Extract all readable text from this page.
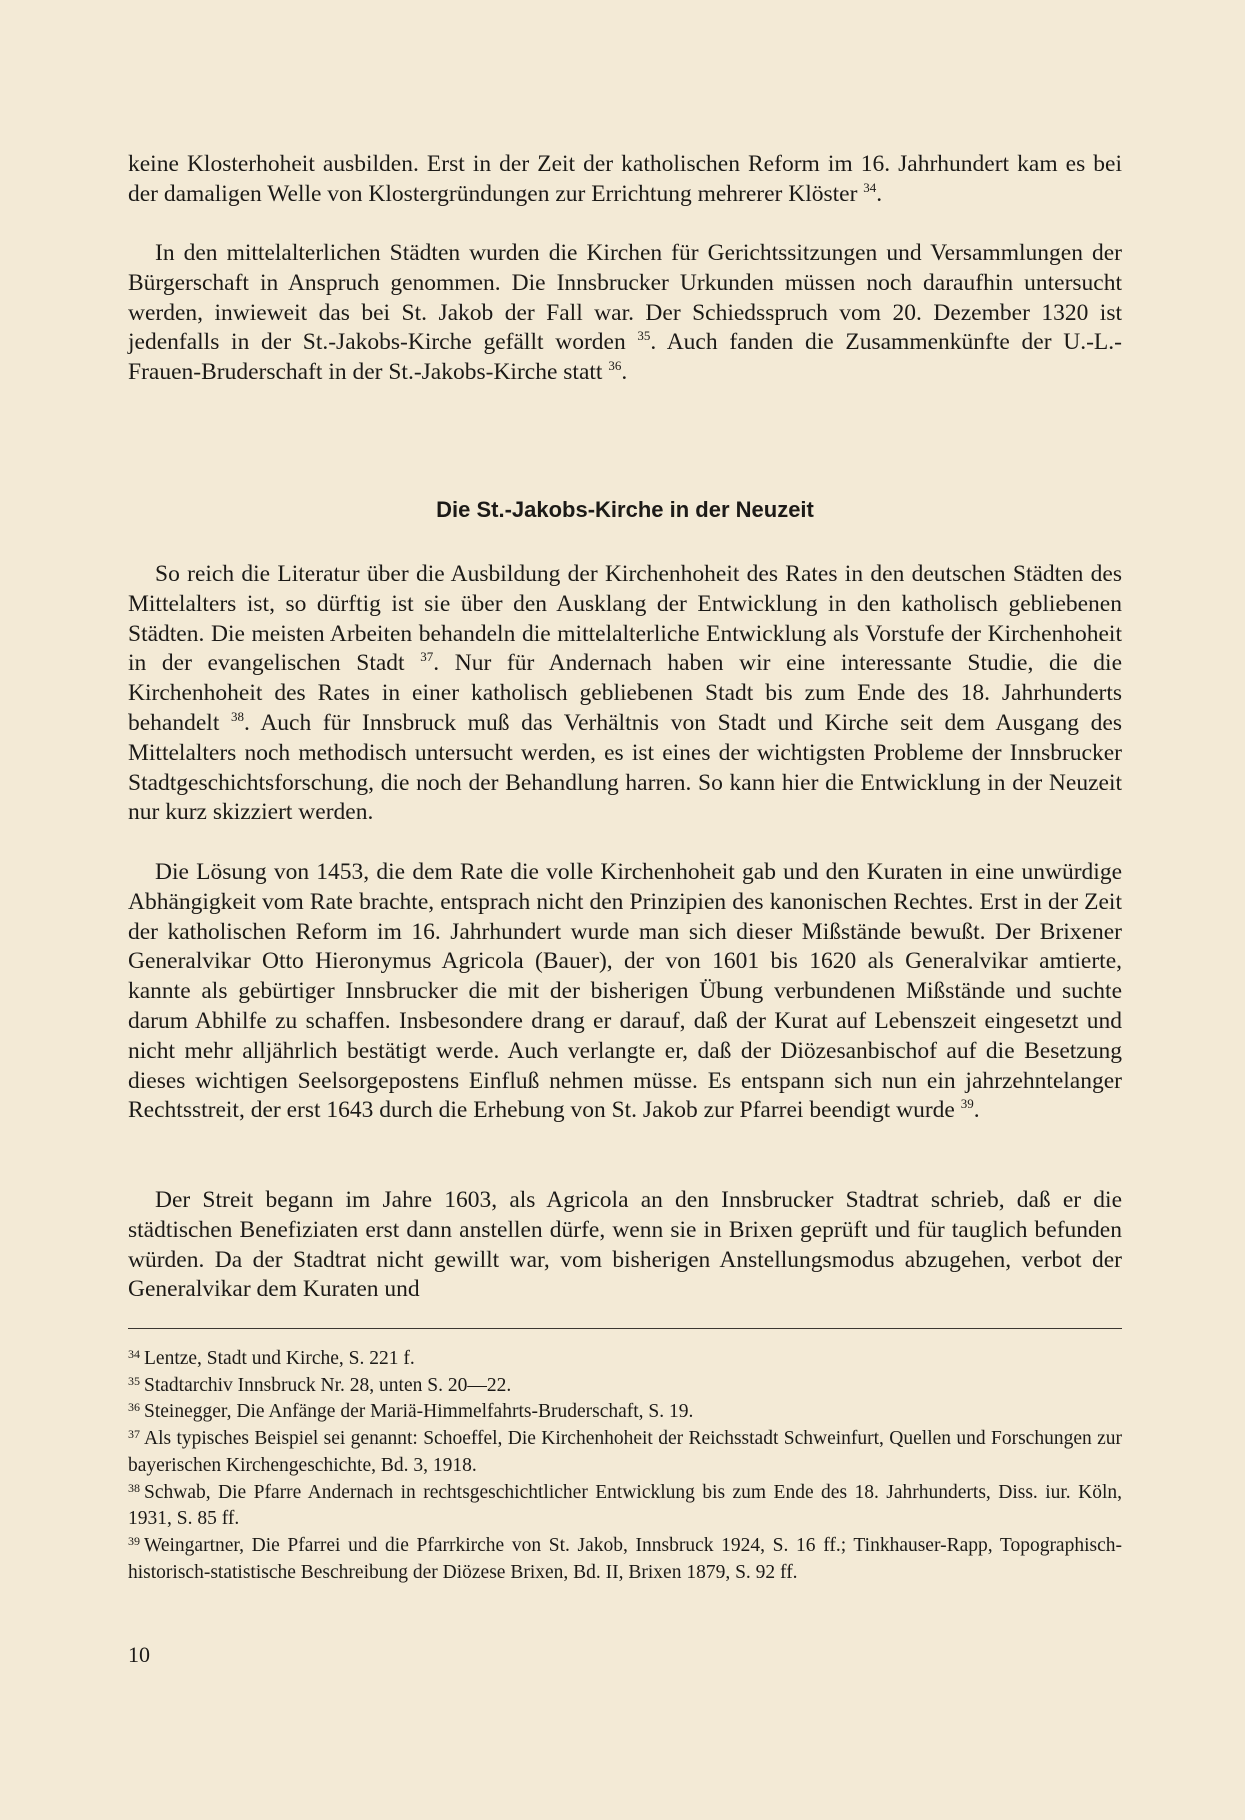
keine Klosterhoheit ausbilden. Erst in der Zeit der katholischen Reform im 16. Jahrhundert kam es bei der damaligen Welle von Klostergründungen zur Errichtung mehrerer Klöster $^{34}$.

In den mittelalterlichen Städten wurden die Kirchen für Gerichtssitzungen und Versammlungen der Bürgerschaft in Anspruch genommen. Die Innsbrucker Urkunden müssen noch daraufhin untersucht werden, inwieweit das bei St. Jakob der Fall war. Der Schiedsspruch vom 20. Dezember 1320 ist jedenfalls in der St.-Jakobs-Kirche gefällt worden $^{35}$. Auch fanden die Zusammenkünfte der U.-L.-Frauen-Bruderschaft in der St.-Jakobs-Kirche statt $^{36}$.

Die St.-Jakobs-Kirche in der Neuzeit

So reich die Literatur über die Ausbildung der Kirchenhoheit des Rates in den deutschen Städten des Mittelalters ist, so dürftig ist sie über den Ausklang der Entwicklung in den katholisch gebliebenen Städten. Die meisten Arbeiten behandeln die mittelalterliche Entwicklung als Vorstufe der Kirchenhoheit in der evangelischen Stadt $^{37}$. Nur für Andernach haben wir eine interessante Studie, die die Kirchenhoheit des Rates in einer katholisch gebliebenen Stadt bis zum Ende des 18. Jahrhunderts behandelt $^{38}$. Auch für Innsbruck muß das Verhältnis von Stadt und Kirche seit dem Ausgang des Mittelalters noch methodisch untersucht werden, es ist eines der wichtigsten Probleme der Innsbrucker Stadtgeschichtsforschung, die noch der Behandlung harren. So kann hier die Entwicklung in der Neuzeit nur kurz skizziert werden.

Die Lösung von 1453, die dem Rate die volle Kirchenhoheit gab und den Kuraten in eine unwürdige Abhängigkeit vom Rate brachte, entsprach nicht den Prinzipien des kanonischen Rechtes. Erst in der Zeit der katholischen Reform im 16. Jahrhundert wurde man sich dieser Mißstände bewußt. Der Brixener Generalvikar Otto Hieronymus Agricola (Bauer), der von 1601 bis 1620 als Generalvikar amtierte, kannte als gebürtiger Innsbrucker die mit der bisherigen Übung verbundenen Mißstände und suchte darum Abhilfe zu schaffen. Insbesondere drang er darauf, daß der Kurat auf Lebenszeit eingesetzt und nicht mehr alljährlich bestätigt werde. Auch verlangte er, daß der Diözesanbischof auf die Besetzung dieses wichtigen Seelsorgepostens Einfluß nehmen müsse. Es entspann sich nun ein jahrzehntelanger Rechtsstreit, der erst 1643 durch die Erhebung von St. Jakob zur Pfarrei beendigt wurde $^{39}$.

Der Streit begann im Jahre 1603, als Agricola an den Innsbrucker Stadtrat schrieb, daß er die städtischen Benefiziaten erst dann anstellen dürfe, wenn sie in Brixen geprüft und für tauglich befunden würden. Da der Stadtrat nicht gewillt war, vom bisherigen Anstellungsmodus abzugehen, verbot der Generalvikar dem Kuraten und

$^{34}$ Lentze, Stadt und Kirche, S. 221 f.

$^{35}$ Stadtarchiv Innsbruck Nr. 28, unten S. 20—22.

$^{36}$ Steinegger, Die Anfänge der Mariä-Himmelfahrts-Bruderschaft, S. 19.

$^{37}$ Als typisches Beispiel sei genannt: Schoeffel, Die Kirchenhoheit der Reichsstadt Schweinfurt, Quellen und Forschungen zur bayerischen Kirchengeschichte, Bd. 3, 1918.

$^{38}$ Schwab, Die Pfarre Andernach in rechtsgeschichtlicher Entwicklung bis zum Ende des 18. Jahrhunderts, Diss. iur. Köln, 1931, S. 85 ff.

$^{39}$ Weingartner, Die Pfarrei und die Pfarrkirche von St. Jakob, Innsbruck 1924, S. 16 ff.; Tinkhauser-Rapp, Topographisch-historisch-statistische Beschreibung der Diözese Brixen, Bd. II, Brixen 1879, S. 92 ff.

10
